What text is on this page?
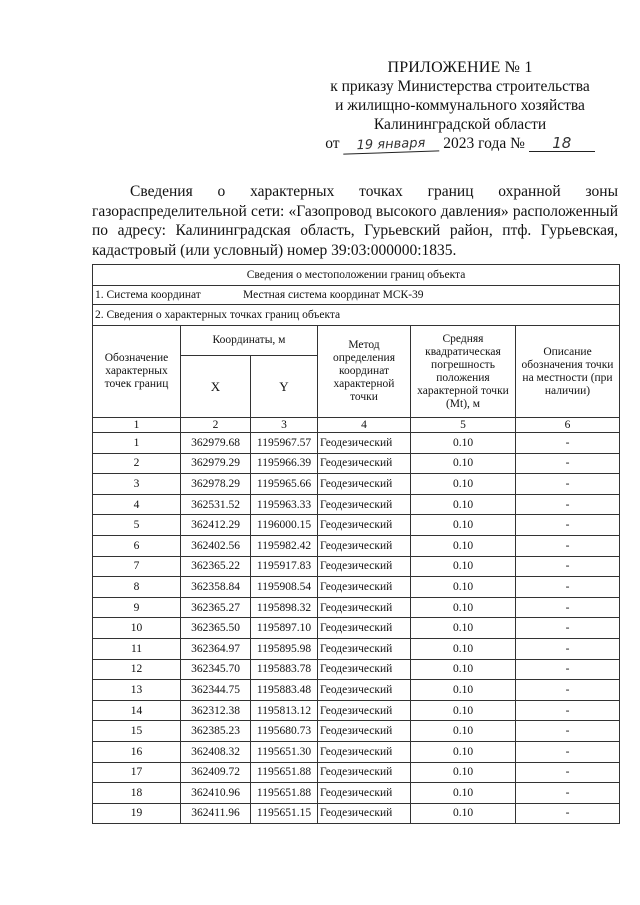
ПРИЛОЖЕНИЕ № 1
к приказу Министерства строительства
и жилищно-коммунального хозяйства
Калининградской области
от 19 января 2023 года № 18
Сведения о характерных точках границ охранной зоны газораспределительной сети: «Газопровод высокого давления» расположенный по адресу: Калининградская область, Гурьевский район, птф. Гурьевская, кадастровый (или условный) номер 39:03:000000:1835.
Сведения о местоположении границ объекта					
1. Система координат Местная система координат МСК-39					
2. Сведения о характерных точках границ объекта					
Обозначение характерных точек границ	Координаты, м		Метод определения координат характерной точки	Средняя квадратическая погрешность положения характерной точки (Mt), м	Описание обозначения точки на местности (при наличии)
	X	Y			
1	2	3	4	5	6
1	362979.68	1195967.57	Геодезический	0.10	-
2	362979.29	1195966.39	Геодезический	0.10	-
3	362978.29	1195965.66	Геодезический	0.10	-
4	362531.52	1195963.33	Геодезический	0.10	-
5	362412.29	1196000.15	Геодезический	0.10	-
6	362402.56	1195982.42	Геодезический	0.10	-
7	362365.22	1195917.83	Геодезический	0.10	-
8	362358.84	1195908.54	Геодезический	0.10	-
9	362365.27	1195898.32	Геодезический	0.10	-
10	362365.50	1195897.10	Геодезический	0.10	-
11	362364.97	1195895.98	Геодезический	0.10	-
12	362345.70	1195883.78	Геодезический	0.10	-
13	362344.75	1195883.48	Геодезический	0.10	-
14	362312.38	1195813.12	Геодезический	0.10	-
15	362385.23	1195680.73	Геодезический	0.10	-
16	362408.32	1195651.30	Геодезический	0.10	-
17	362409.72	1195651.88	Геодезический	0.10	-
18	362410.96	1195651.88	Геодезический	0.10	-
19	362411.96	1195651.15	Геодезический	0.10	-
